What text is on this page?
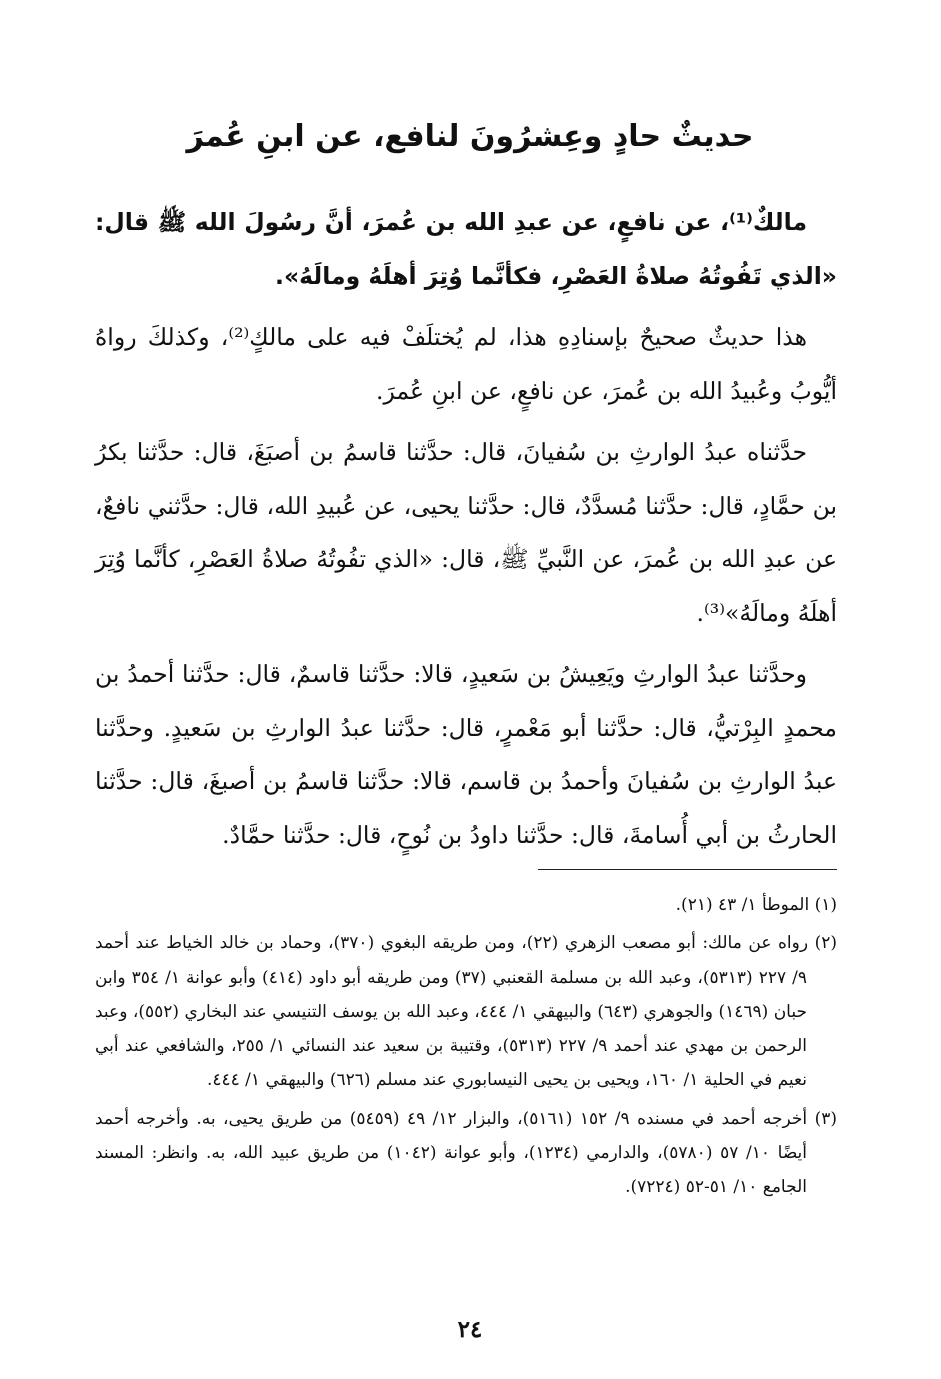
حديثٌ حادٍ وعِشرُونَ لنافع، عن ابنِ عُمرَ

مالكٌ⁽¹⁾، عن نافعٍ، عن عبدِ الله بن عُمرَ، أنَّ رسُولَ الله ﷺ قال: «الذي تَفُوتُهُ صلاةُ العَصْرِ، فكأنَّما وُتِرَ أهلَهُ ومالَهُ».

هذا حديثٌ صحيحٌ بإسنادِهِ هذا، لم يُختلَفْ فيه على مالكٍ⁽²⁾، وكذلكَ رواهُ أيُّوبُ وعُبيدُ الله بن عُمرَ، عن نافعٍ، عن ابنِ عُمرَ.

حدَّثناه عبدُ الوارثِ بن سُفيانَ، قال: حدَّثنا قاسمُ بن أصبَغَ، قال: حدَّثنا بكرُ بن حمَّادٍ، قال: حدَّثنا مُسدَّدٌ، قال: حدَّثنا يحيى، عن عُبيدِ الله، قال: حدَّثني نافعٌ، عن عبدِ الله بن عُمرَ، عن النَّبيِّ ﷺ، قال: «الذي تفُوتُهُ صلاةُ العَصْرِ، كأنَّما وُتِرَ أهلَهُ ومالَهُ»⁽³⁾.

وحدَّثنا عبدُ الوارثِ ويَعِيشُ بن سَعيدٍ، قالا: حدَّثنا قاسمٌ، قال: حدَّثنا أحمدُ بن محمدٍ البِرْتيُّ، قال: حدَّثنا أبو مَعْمرٍ، قال: حدَّثنا عبدُ الوارثِ بن سَعيدٍ. وحدَّثنا عبدُ الوارثِ بن سُفيانَ وأحمدُ بن قاسم، قالا: حدَّثنا قاسمُ بن أصبغَ، قال: حدَّثنا الحارثُ بن أبي أُسامةَ، قال: حدَّثنا داودُ بن نُوحٍ، قال: حدَّثنا حمَّادٌ.

(١) الموطأ ١/ ٤٣ (٢١).

(٢) رواه عن مالك: أبو مصعب الزهري (٢٢)، ومن طريقه البغوي (٣٧٠)، وحماد بن خالد الخياط عند أحمد ٩/ ٢٢٧ (٥٣١٣)، وعبد الله بن مسلمة القعنبي (٣٧) ومن طريقه أبو داود (٤١٤) وأبو عوانة ١/ ٣٥٤ وابن حبان (١٤٦٩) والجوهري (٦٤٣) والبيهقي ١/ ٤٤٤، وعبد الله بن يوسف التنيسي عند البخاري (٥٥٢)، وعبد الرحمن بن مهدي عند أحمد ٩/ ٢٢٧ (٥٣١٣)، وقتيبة بن سعيد عند النسائي ١/ ٢٥٥، والشافعي عند أبي نعيم في الحلية ١/ ١٦٠، ويحيى بن يحيى النيسابوري عند مسلم (٦٢٦) والبيهقي ١/ ٤٤٤.

(٣) أخرجه أحمد في مسنده ٩/ ١٥٢ (٥١٦١)، والبزار ١٢/ ٤٩ (٥٤٥٩) من طريق يحيى، به. وأخرجه أحمد أيضًا ١٠/ ٥٧ (٥٧٨٠)، والدارمي (١٢٣٤)، وأبو عوانة (١٠٤٢) من طريق عبيد الله، به. وانظر: المسند الجامع ١٠/ ٥١-٥٢ (٧٢٢٤).

٢٤
